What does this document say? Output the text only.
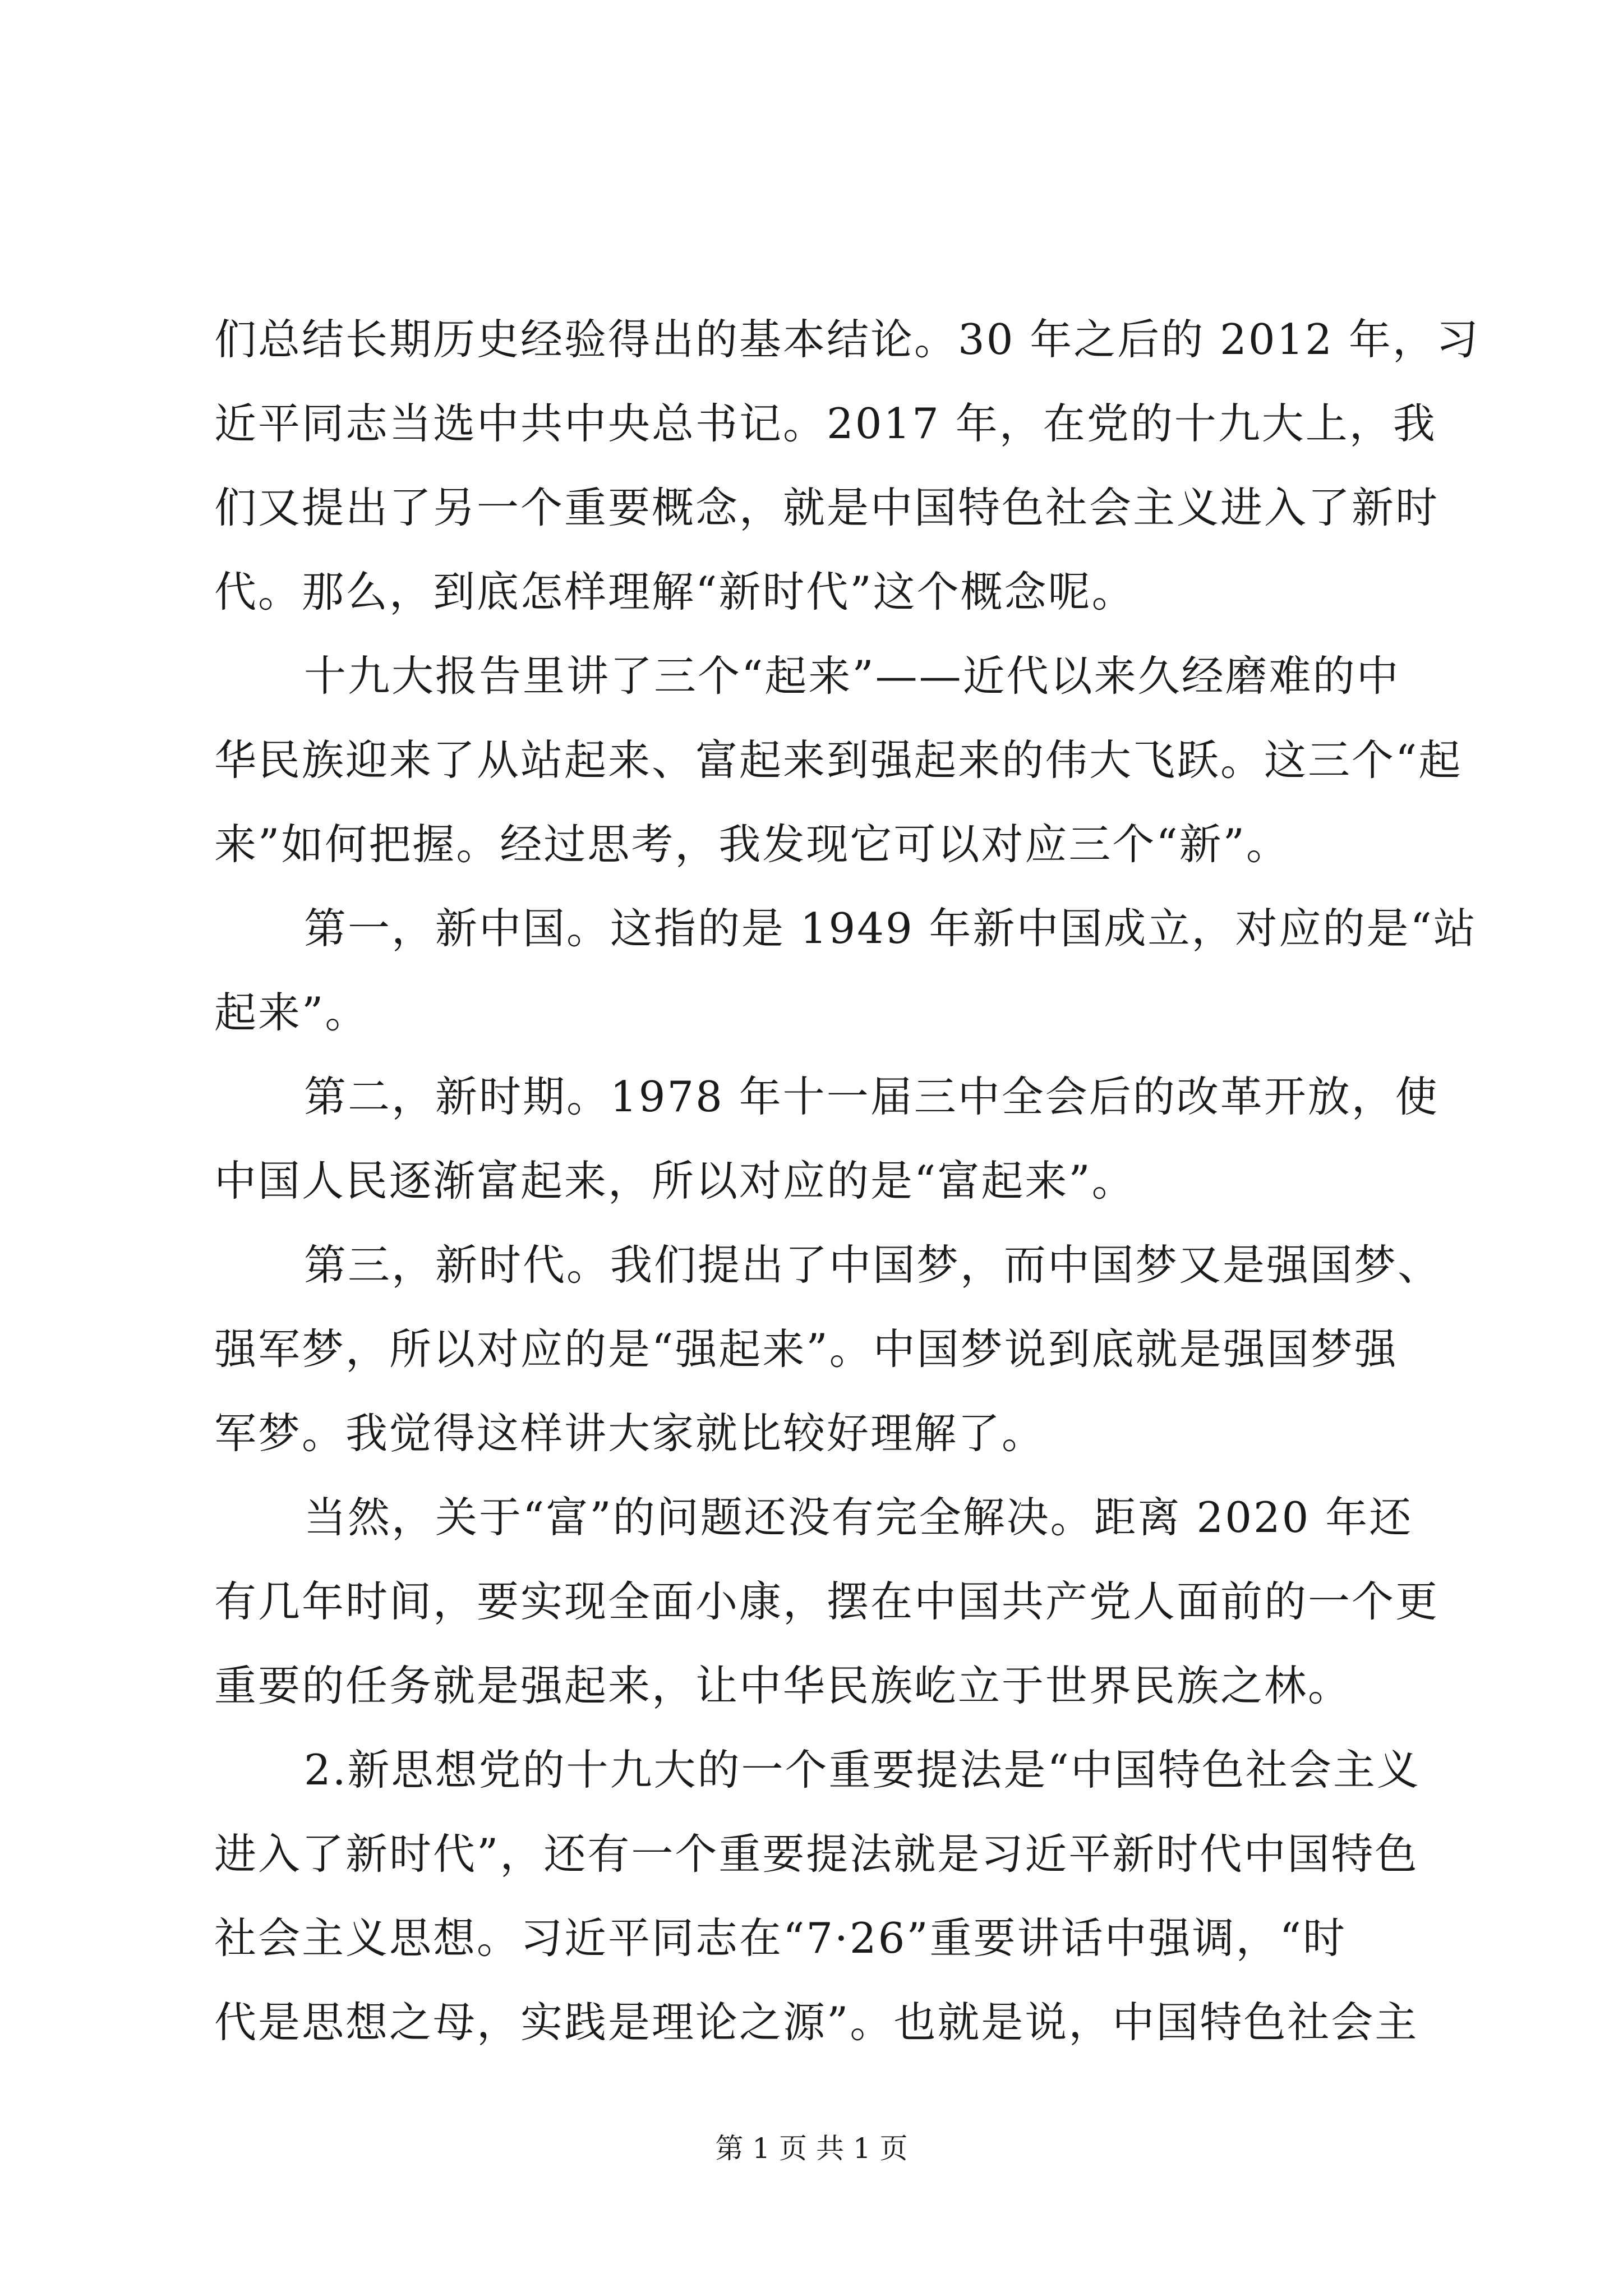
们总结长期历史经验得出的基本结论。30 年之后的 2012 年，习
近平同志当选中共中央总书记。2017 年，在党的十九大上，我
们又提出了另一个重要概念，就是中国特色社会主义进入了新时
代。那么，到底怎样理解“新时代”这个概念呢。
十九大报告里讲了三个“起来”——近代以来久经磨难的中
华民族迎来了从站起来、富起来到强起来的伟大飞跃。这三个“起
来”如何把握。经过思考，我发现它可以对应三个“新”。
第一，新中国。这指的是 1949 年新中国成立，对应的是“站
起来”。
第二，新时期。1978 年十一届三中全会后的改革开放，使
中国人民逐渐富起来，所以对应的是“富起来”。
第三，新时代。我们提出了中国梦，而中国梦又是强国梦、
强军梦，所以对应的是“强起来”。中国梦说到底就是强国梦强
军梦。我觉得这样讲大家就比较好理解了。
当然，关于“富”的问题还没有完全解决。距离 2020 年还
有几年时间，要实现全面小康，摆在中国共产党人面前的一个更
重要的任务就是强起来，让中华民族屹立于世界民族之林。
2.新思想党的十九大的一个重要提法是“中国特色社会主义
进入了新时代”，还有一个重要提法就是习近平新时代中国特色
社会主义思想。习近平同志在“7·26”重要讲话中强调，“时
代是思想之母，实践是理论之源”。也就是说，中国特色社会主
第 1 页 共 1 页
